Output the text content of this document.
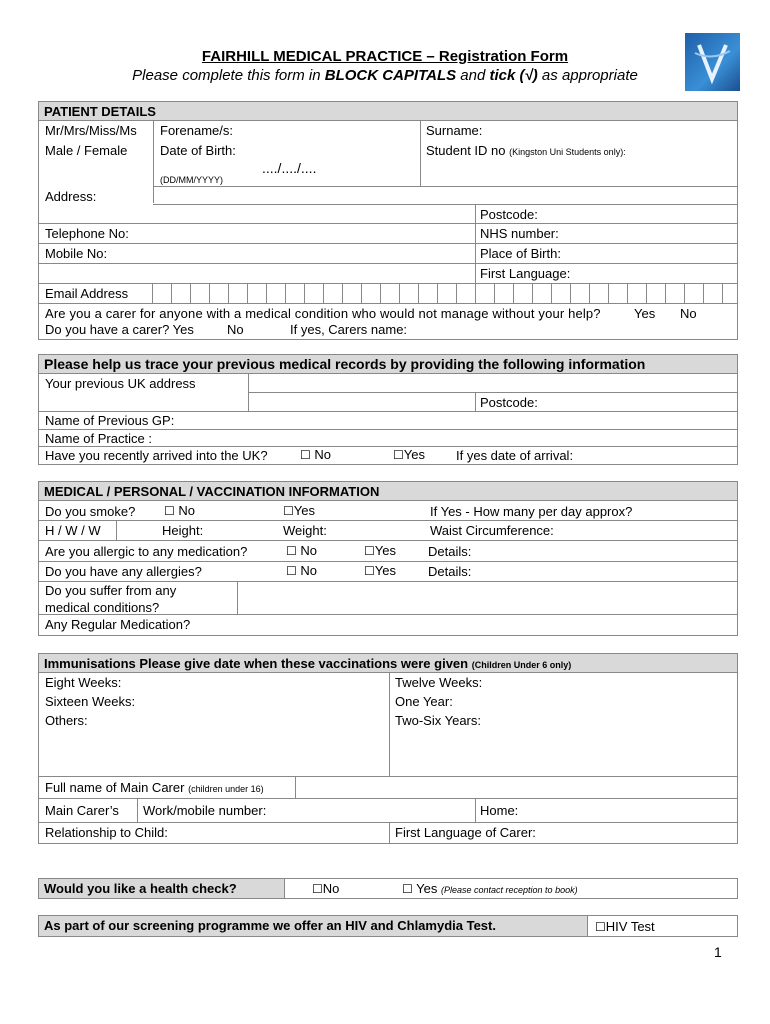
FAIRHILL MEDICAL PRACTICE – Registration Form
Please complete this form in BLOCK CAPITALS and tick (√) as appropriate
PATIENT DETAILS
Mr/Mrs/Miss/Ms Forename/s:	Surname:
Male / Female	Date of Birth:
..../..../....
(DD/MM/YYYY)
Student ID no (Kingston Uni Students only):
Address:
Postcode:
Telephone No:	NHS number:
Mobile No:	Place of Birth:
First Language:
Email Address
Are you a carer for anyone with a medical condition who would not manage without your help?	Yes No
Do you have a carer? Yes	No	If yes, Carers name:
Please help us trace your previous medical records by providing the following information
Your previous UK address
Postcode:
Name of Previous GP:
Name of Practice :
Have you recently arrived into the UK?	☐ No	☐ Yes If yes date of arrival:
MEDICAL / PERSONAL / VACCINATION INFORMATION
Do you smoke?	☐ No	☐ Yes	If Yes - How many per day approx?
H / W / W	Height:	Weight:	Waist Circumference:
Are you allergic to any medication?	☐ No	☐ Yes Details:
Do you have any allergies?	☐ No	☐ Yes Details:
Do you suffer from any
medical conditions?
Any Regular Medication?
Immunisations Please give date when these vaccinations were given (Children Under 6 only)
Eight Weeks:	Twelve Weeks:
Sixteen Weeks:	One Year:
Others:	Two-Six Years:
Full name of Main Carer (children under 16)
Main Carer’s Work/mobile number:	Home:
Relationship to Child:	First Language of Carer:
Would you like a health check?	☐ No	☐ Yes (Please contact reception to book)
As part of our screening programme we offer an HIV and Chlamydia Test.	☐ HIV Test
1
